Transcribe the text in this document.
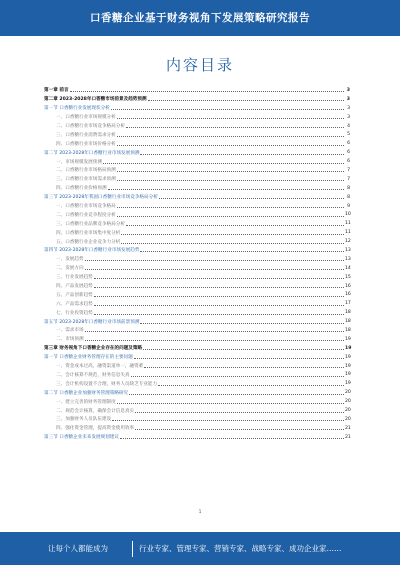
口香糖企业基于财务视角下发展策略研究报告
内容目录
第一章 前言	3
第二章 2023-2028年口香糖市场前景及趋势预测	3
第一节 口香糖行业发展现状分析	3
一、口香糖行业市场规模分析	3
二、口香糖行业市场竞争格局分析	4
三、口香糖行业消费需求分析	5
四、口香糖行业市场价格分析	6
第二节 2023-2028年口香糖行业市场发展预测	6
一、市场规模发展预测	6
二、口香糖行业市场格局预测	7
三、口香糖行业市场需求预测	7
四、口香糖行业价格预测	8
第三节 2023-2028年我国口香糖行业市场竞争格局分析	8
一、口香糖行业市场竞争格局	9
二、口香糖行业竞争程度分析	10
三、口香糖行业品牌竞争格局分析	11
四、口香糖行业市场集中度分析	11
五、口香糖行业企业竞争力分析	12
第四节 2023-2028年口香糖行业市场发展趋势	13
一、发展趋势	13
二、发展方向	14
三、行业发展趋势	15
四、产品发展趋势	16
五、产品创新趋势	16
六、产品需求趋势	17
七、行业投资趋势	18
第五节 2023-2028年口香糖行业市场前景预测	18
一、需求市场	18
二、市场预测	19
第三章 财务视角下口香糖企业存在的问题及策略	19
第一节 口香糖企业财务管理存在的主要问题	19
一、资金成本过高，融资渠道单一，融资难	19
二、会计核算不规范，财务信息失真	19
三、会计机构设置不合理，财务人员缺乏专业能力	19
第二节 口香糖企业加强财务管理策略研究	20
一、建立完善的财务管理制度	20
二、规范会计核算，确保会计信息真实	20
三、加强财务人员队伍建设	20
四、强化资金管理，提高资金使用效率	21
第三节 口香糖企业未来发展规划建议	21
1
让每个人都能成为	行业专家、管理专家、营销专家、战略专家、成功企业家……
